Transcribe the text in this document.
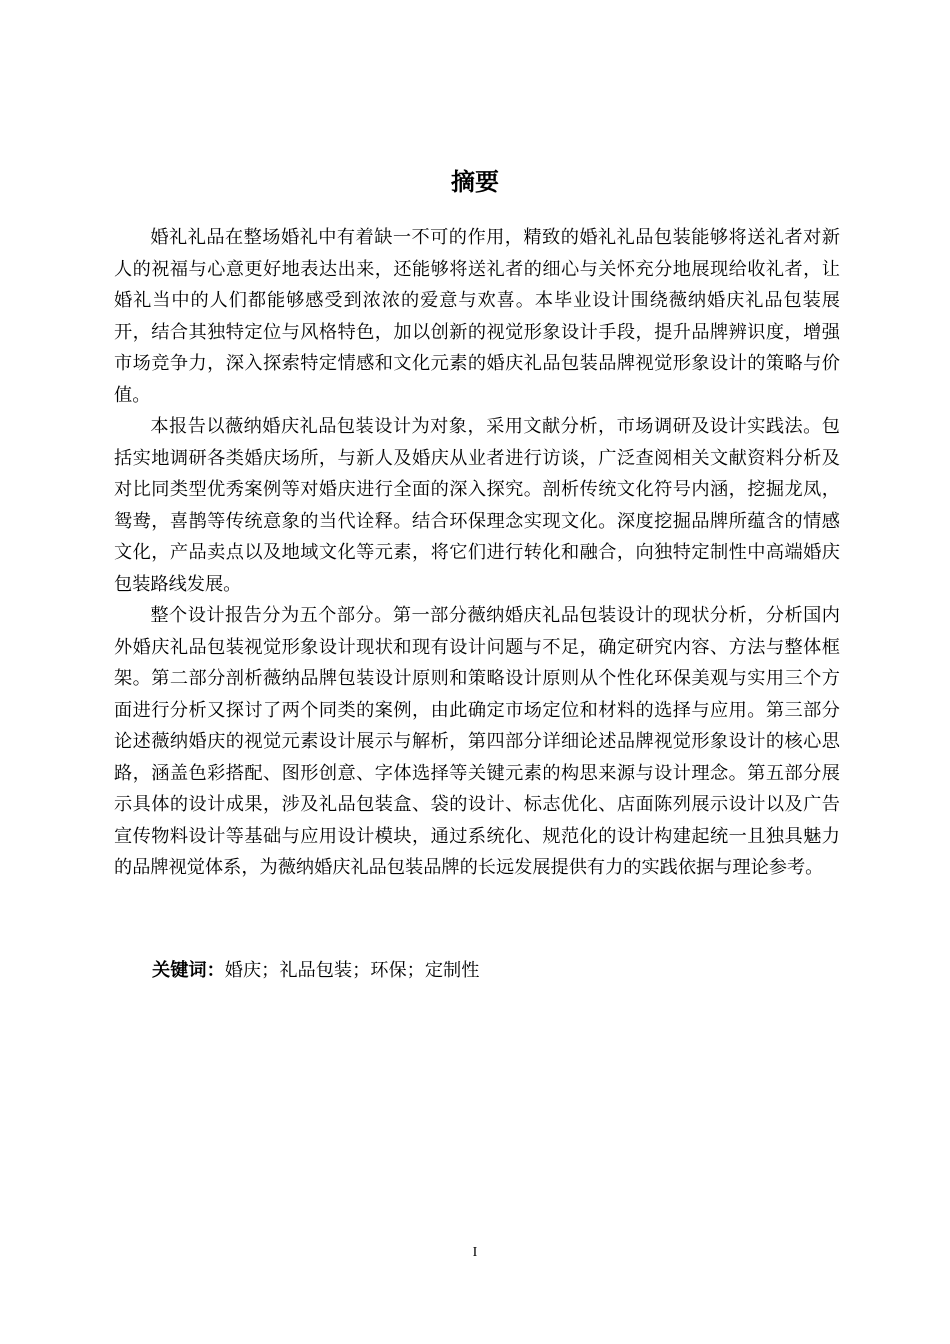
摘要

婚礼礼品在整场婚礼中有着缺一不可的作用，精致的婚礼礼品包装能够将送礼者对新人的祝福与心意更好地表达出来，还能够将送礼者的细心与关怀充分地展现给收礼者，让婚礼当中的人们都能够感受到浓浓的爱意与欢喜。本毕业设计围绕薇纳婚庆礼品包装展开，结合其独特定位与风格特色，加以创新的视觉形象设计手段，提升品牌辨识度，增强市场竞争力，深入探索特定情感和文化元素的婚庆礼品包装品牌视觉形象设计的策略与价值。

本报告以薇纳婚庆礼品包装设计为对象，采用文献分析，市场调研及设计实践法。包括实地调研各类婚庆场所，与新人及婚庆从业者进行访谈，广泛查阅相关文献资料分析及对比同类型优秀案例等对婚庆进行全面的深入探究。剖析传统文化符号内涵，挖掘龙凤，鸳鸯，喜鹊等传统意象的当代诠释。结合环保理念实现文化。深度挖掘品牌所蕴含的情感文化，产品卖点以及地域文化等元素，将它们进行转化和融合，向独特定制性中高端婚庆包装路线发展。

整个设计报告分为五个部分。第一部分薇纳婚庆礼品包装设计的现状分析，分析国内外婚庆礼品包装视觉形象设计现状和现有设计问题与不足，确定研究内容、方法与整体框架。第二部分剖析薇纳品牌包装设计原则和策略设计原则从个性化环保美观与实用三个方面进行分析又探讨了两个同类的案例，由此确定市场定位和材料的选择与应用。第三部分论述薇纳婚庆的视觉元素设计展示与解析，第四部分详细论述品牌视觉形象设计的核心思路，涵盖色彩搭配、图形创意、字体选择等关键元素的构思来源与设计理念。第五部分展示具体的设计成果，涉及礼品包装盒、袋的设计、标志优化、店面陈列展示设计以及广告宣传物料设计等基础与应用设计模块，通过系统化、规范化的设计构建起统一且独具魅力的品牌视觉体系，为薇纳婚庆礼品包装品牌的长远发展提供有力的实践依据与理论参考。

关键词：婚庆；礼品包装；环保；定制性

I
